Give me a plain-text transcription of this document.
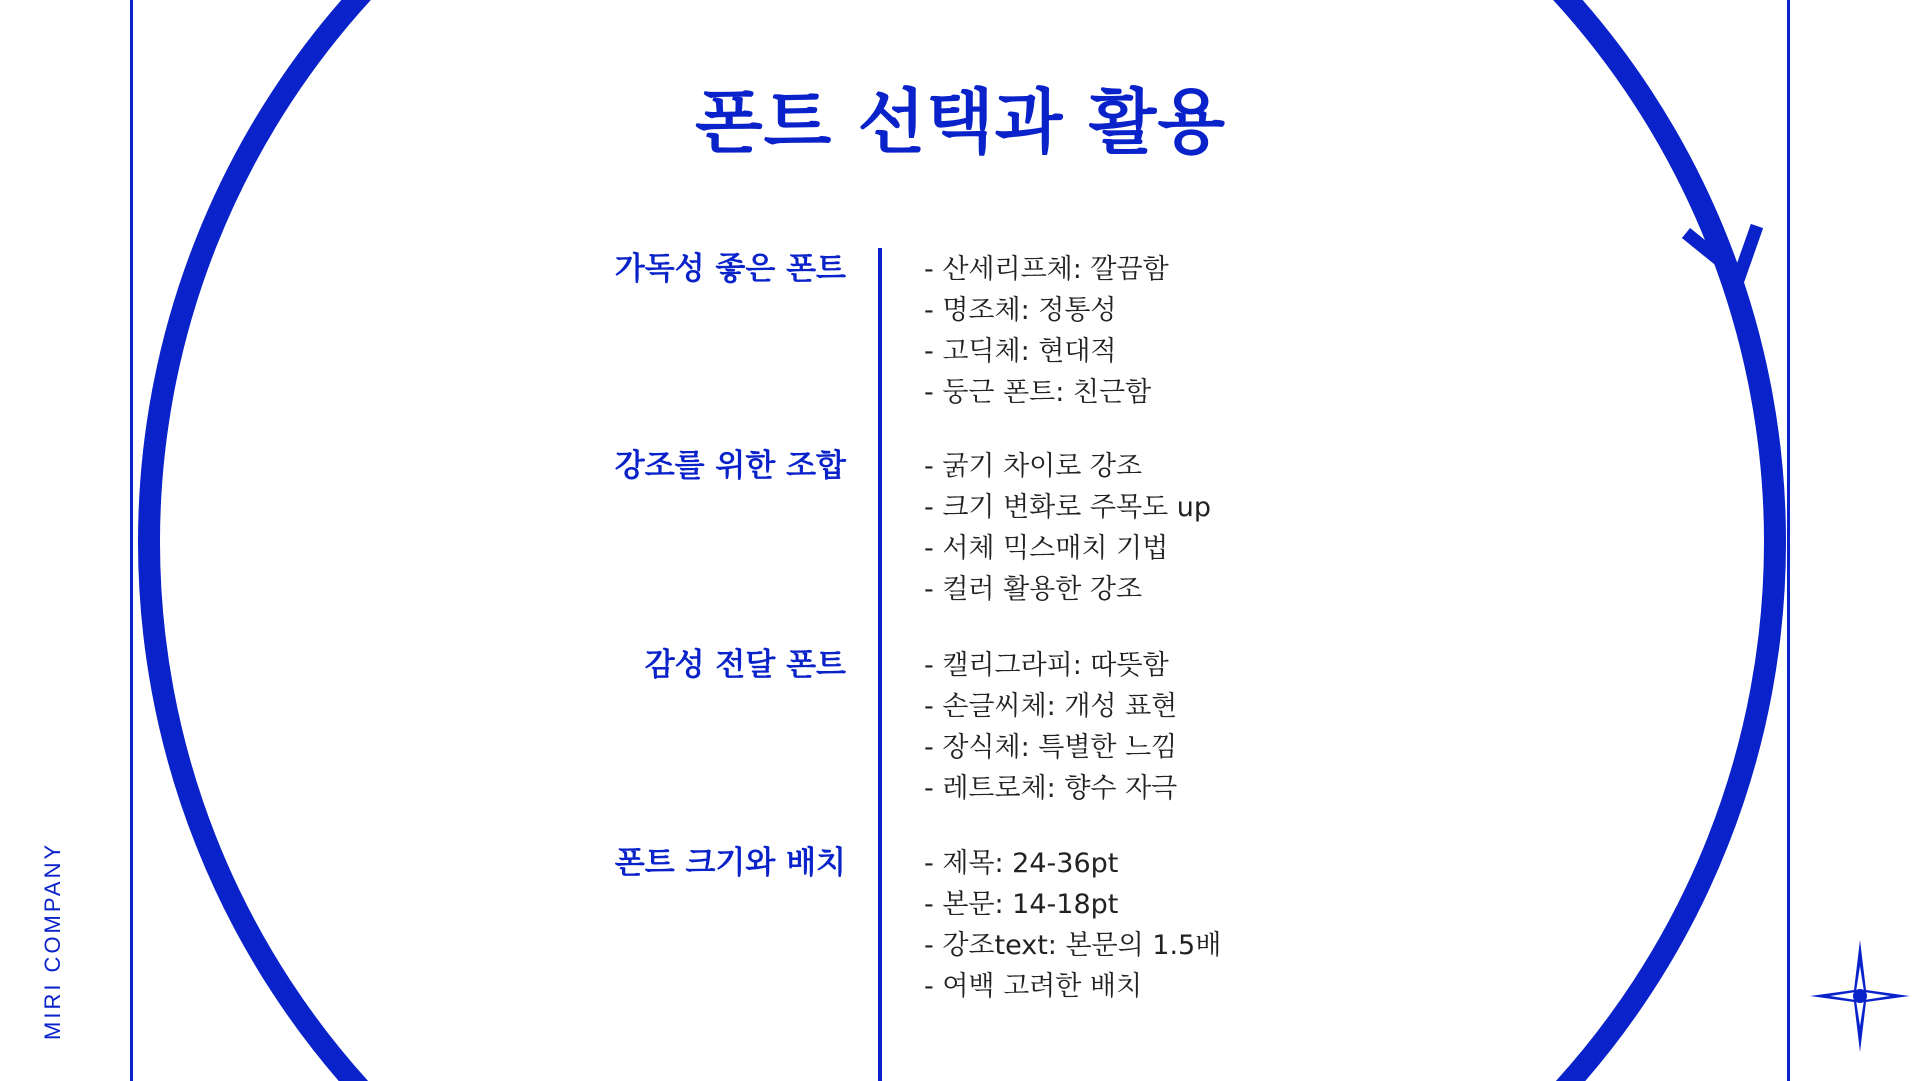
MIRI COMPANY
폰트 선택과 활용
가독성 좋은 폰트	- 산세리프체: 깔끔함
- 명조체: 정통성
- 고딕체: 현대적
- 둥근 폰트: 친근함
강조를 위한 조합	- 굵기 차이로 강조
- 크기 변화로 주목도 up
- 서체 믹스매치 기법
- 컬러 활용한 강조
감성 전달 폰트	- 캘리그라피: 따뜻함
- 손글씨체: 개성 표현
- 장식체: 특별한 느낌
- 레트로체: 향수 자극
폰트 크기와 배치	- 제목: 24-36pt
- 본문: 14-18pt
- 강조text: 본문의 1.5배
- 여백 고려한 배치
